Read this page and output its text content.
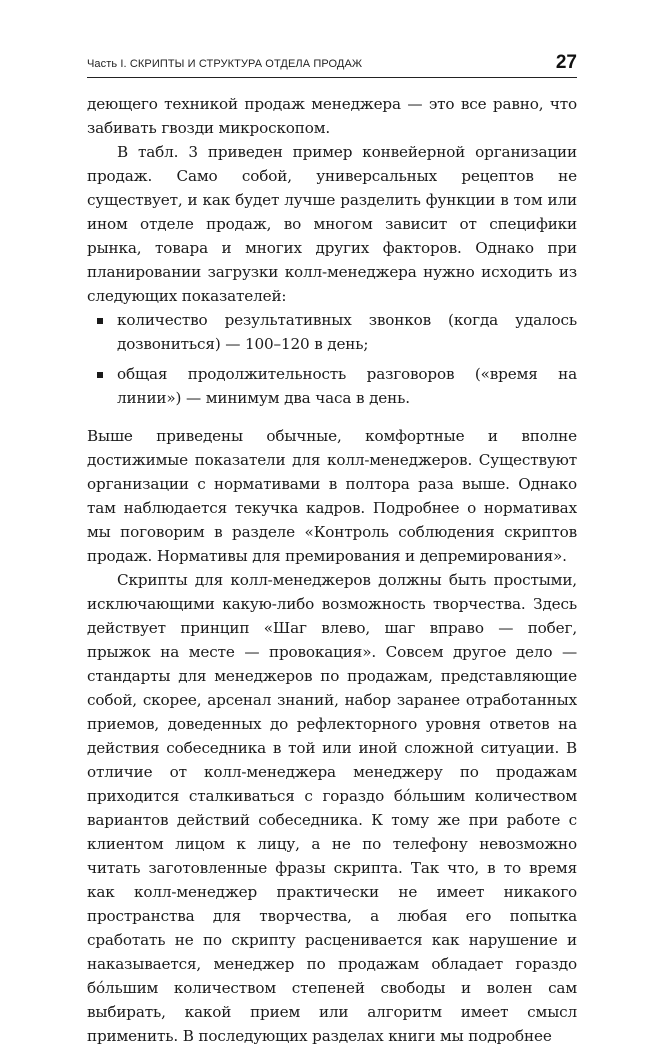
Часть I. СКРИПТЫ И СТРУКТУРА ОТДЕЛА ПРОДАЖ	27

деющего техникой продаж менеджера — это все равно, что забивать гвозди микроскопом.

В табл. 3 приведен пример конвейерной организации продаж. Само собой, универсальных рецептов не существует, и как будет лучше разделить функции в том или ином отделе продаж, во многом зависит от специфики рынка, товара и многих других факторов. Однако при планировании загрузки колл-менеджера нужно исходить из следующих показателей:

количество результативных звонков (когда удалось дозвониться) — 100–120 в день;
общая продолжительность разговоров («время на линии») — минимум два часа в день.

Выше приведены обычные, комфортные и вполне достижимые показатели для колл-менеджеров. Существуют организации с нормативами в полтора раза выше. Однако там наблюдается текучка кадров. Подробнее о нормативах мы поговорим в разделе «Контроль соблюдения скриптов продаж. Нормативы для премирования и депремирования».

Скрипты для колл-менеджеров должны быть простыми, исключающими какую-либо возможность творчества. Здесь действует принцип «Шаг влево, шаг вправо — побег, прыжок на месте — провокация». Совсем другое дело — стандарты для менеджеров по продажам, представляющие собой, скорее, арсенал знаний, набор заранее отработанных приемов, доведенных до рефлекторного уровня ответов на действия собеседника в той или иной сложной ситуации. В отличие от колл-менеджера менеджеру по продажам приходится сталкиваться с гораздо бóльшим количеством вариантов действий собеседника. К тому же при работе с клиентом лицом к лицу, а не по телефону невозможно читать заготовленные фразы скрипта. Так что, в то время как колл-менеджер практически не имеет никакого пространства для творчества, а любая его попытка сработать не по скрипту расценивается как нарушение и наказывается, менеджер по продажам обладает гораздо бóльшим количеством степеней свободы и волен сам выбирать, какой прием или алгоритм имеет смысл применить. В последующих разделах книги мы подробнее
